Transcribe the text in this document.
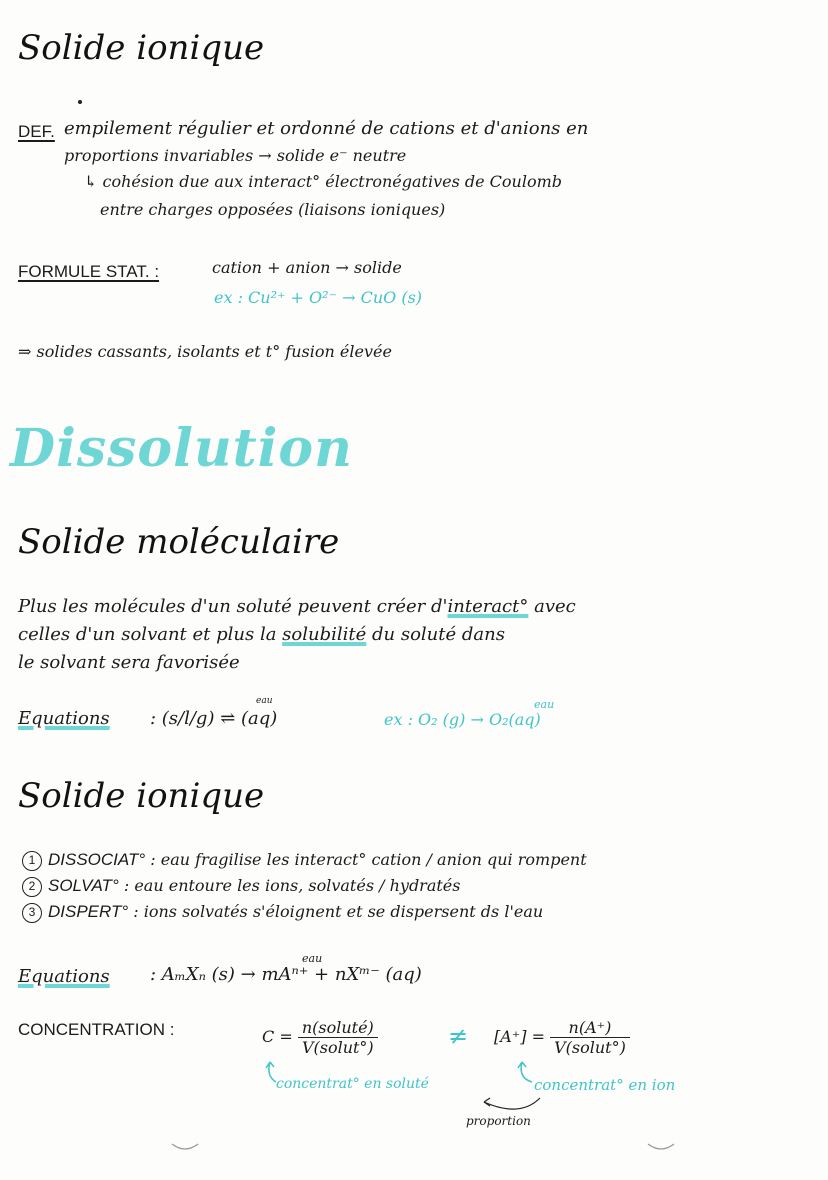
Solide ionique
DEF. empilement régulier et ordonné de cations et d'anions en
proportions invariables → solide e⁻ neutre
↳ cohésion due aux interact° électronégatives de Coulomb
entre charges opposées (liaisons ioniques)
FORMULE STAT. :	cation + anion → solide
ex : Cu²⁺ + O²⁻ → CuO (s)
⇒ solides cassants, isolants et t° fusion élevée
Dissolution
Solide moléculaire
Plus les molécules d'un soluté peuvent créer d'interact° avec
celles d'un solvant et plus la solubilité du soluté dans
le solvant sera favorisée
Equations : (s/l/g) ⇌ (aq)
eau
ex : O₂ (g) → O₂(aq)
eau
Solide ionique
1 DISSOCIAT° : eau fragilise les interact° cation / anion qui rompent
2 SOLVAT° : eau entoure les ions, solvatés / hydratés
3 DISPERT° : ions solvatés s'éloignent et se dispersent ds l'eau
Equations : AₘXₙ (s) → mAⁿ⁺ + nXᵐ⁻ (aq)
eau
CONCENTRATION :	$C = \frac{\text{n(soluté)}}{\text{V(solut°)}}$	≠ $[A^+] = \frac{n(A^+)}{\text{V(solut°)}}$
concentrat° en soluté	concentrat° en ion
proportion
